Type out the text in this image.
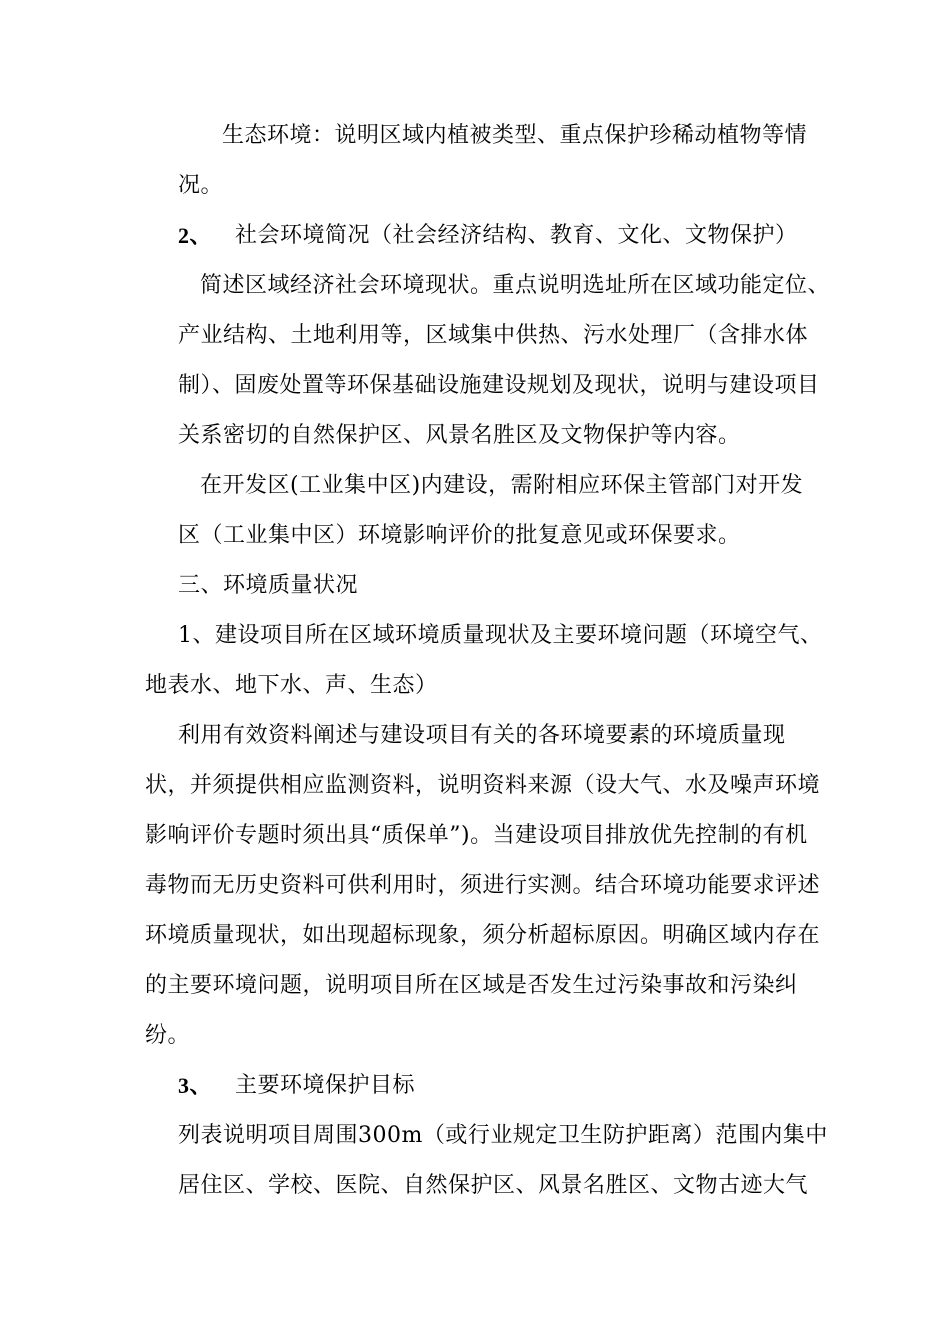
生态环境：说明区域内植被类型、重点保护珍稀动植物等情
况。
2、 社会环境简况（社会经济结构、教育、文化、文物保护）
简述区域经济社会环境现状。重点说明选址所在区域功能定位、
产业结构、土地利用等，区域集中供热、污水处理厂（含排水体
制）、固废处置等环保基础设施建设规划及现状，说明与建设项目
关系密切的自然保护区、风景名胜区及文物保护等内容。
在开发区(工业集中区)内建设，需附相应环保主管部门对开发
区（工业集中区）环境影响评价的批复意见或环保要求。
三、环境质量状况
1、建设项目所在区域环境质量现状及主要环境问题（环境空气、
地表水、地下水、声、生态）
利用有效资料阐述与建设项目有关的各环境要素的环境质量现
状，并须提供相应监测资料，说明资料来源（设大气、水及噪声环境
影响评价专题时须出具“质保单”)。当建设项目排放优先控制的有机
毒物而无历史资料可供利用时，须进行实测。结合环境功能要求评述
环境质量现状，如出现超标现象，须分析超标原因。明确区域内存在
的主要环境问题，说明项目所在区域是否发生过污染事故和污染纠
纷。
3、 主要环境保护目标
列表说明项目周围300m（或行业规定卫生防护距离）范围内集中
居住区、学校、医院、自然保护区、风景名胜区、文物古迹大气
